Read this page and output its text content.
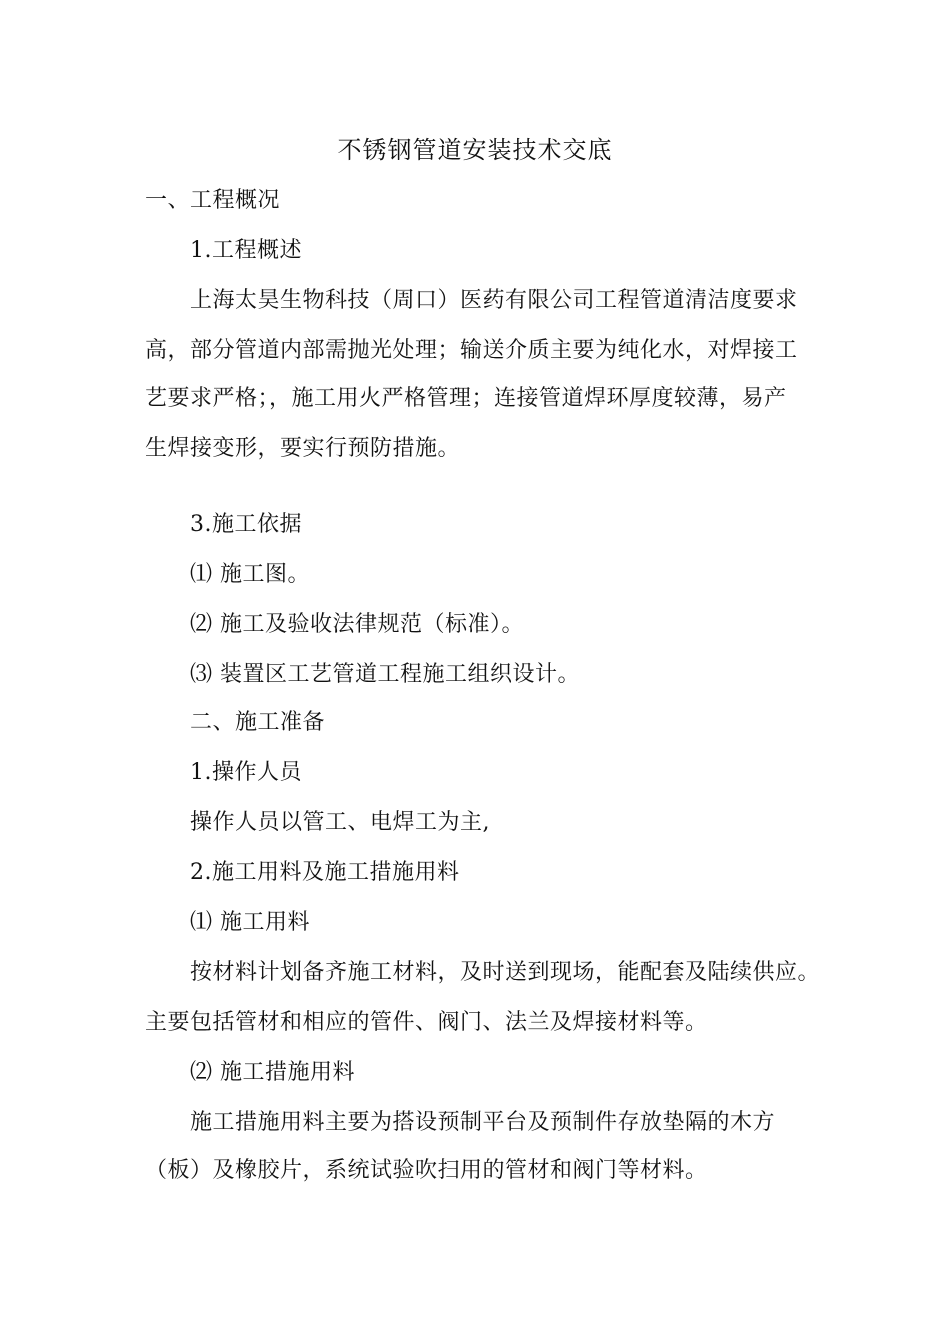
不锈钢管道安装技术交底
一、工程概况
1.工程概述
上海太昊生物科技（周口）医药有限公司工程管道清洁度要求
高，部分管道内部需抛光处理；输送介质主要为纯化水，对焊接工
艺要求严格；，施工用火严格管理；连接管道焊环厚度较薄，易产
生焊接变形，要实行预防措施。
3.施工依据
⑴ 施工图。
⑵ 施工及验收法律规范（标准）。
⑶ 装置区工艺管道工程施工组织设计。
二、施工准备
1.操作人员
操作人员以管工、电焊工为主,
2.施工用料及施工措施用料
⑴ 施工用料
按材料计划备齐施工材料，及时送到现场，能配套及陆续供应。
主要包括管材和相应的管件、阀门、法兰及焊接材料等。
⑵ 施工措施用料
施工措施用料主要为搭设预制平台及预制件存放垫隔的木方
（板）及橡胶片，系统试验吹扫用的管材和阀门等材料。
